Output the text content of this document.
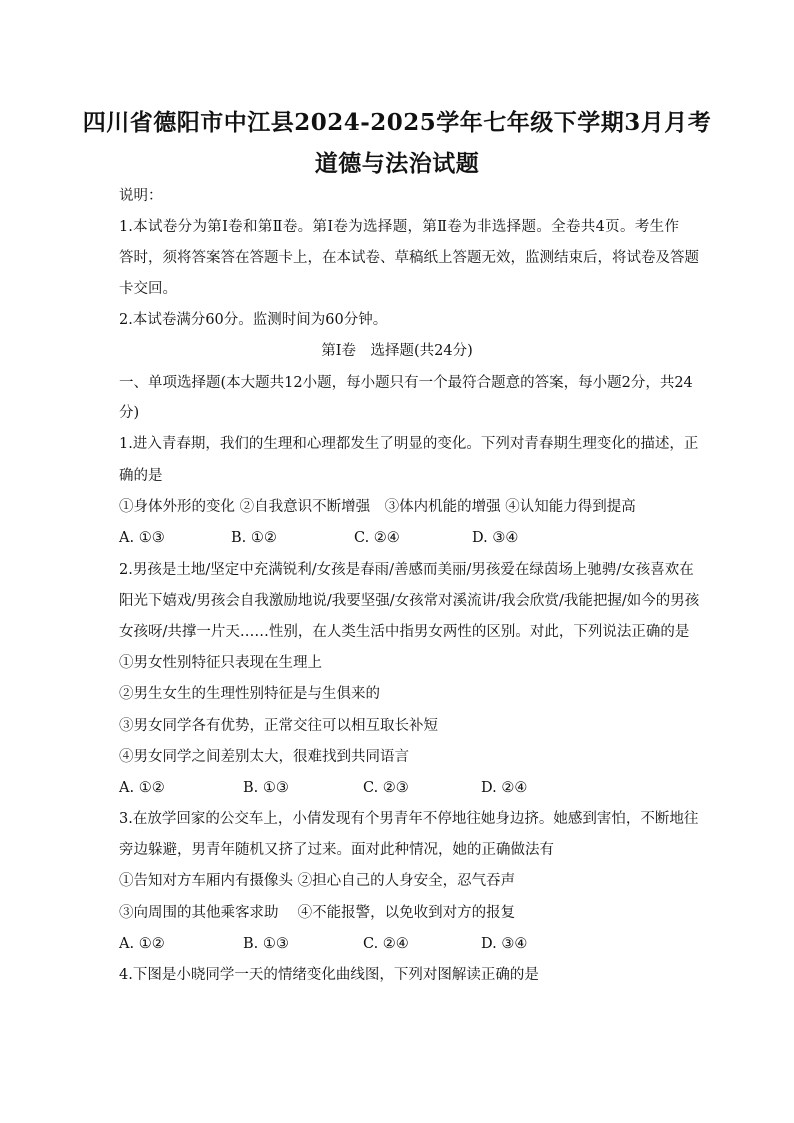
四川省德阳市中江县2024-2025学年七年级下学期3月月考
道德与法治试题
说明：
1.本试卷分为第Ⅰ卷和第Ⅱ卷。第Ⅰ卷为选择题，第Ⅱ卷为非选择题。全卷共4页。考生作
答时，须将答案答在答题卡上，在本试卷、草稿纸上答题无效，监测结束后，将试卷及答题
卡交回。
2.本试卷满分60分。监测时间为60分钟。
第Ⅰ卷　选择题(共24分)
一、单项选择题(本大题共12小题，每小题只有一个最符合题意的答案，每小题2分，共24
分)
1.进入青春期，我们的生理和心理都发生了明显的变化。下列对青春期生理变化的描述，正
确的是
①身体外形的变化 ②自我意识不断增强　③体内机能的增强 ④认知能力得到提高
A. ①③	B. ①②	C. ②④	D. ③④
2.男孩是土地/坚定中充满锐利/女孩是春雨/善感而美丽/男孩爱在绿茵场上驰骋/女孩喜欢在
阳光下嬉戏/男孩会自我激励地说/我要坚强/女孩常对溪流讲/我会欣赏/我能把握/如今的男孩
女孩呀/共撑一片天……性别，在人类生活中指男女两性的区别。对此，下列说法正确的是
①男女性别特征只表现在生理上
②男生女生的生理性别特征是与生俱来的
③男女同学各有优势，正常交往可以相互取长补短
④男女同学之间差别太大，很难找到共同语言
A. ①②	B. ①③	C. ②③	D. ②④
3.在放学回家的公交车上，小倩发现有个男青年不停地往她身边挤。她感到害怕，不断地往
旁边躲避，男青年随机又挤了过来。面对此种情况，她的正确做法有
①告知对方车厢内有摄像头 ②担心自己的人身安全，忍气吞声
③向周围的其他乘客求助　 ④不能报警，以免收到对方的报复
A. ①②	B. ①③	C. ②④	D. ③④
4.下图是小晓同学一天的情绪变化曲线图，下列对图解读正确的是
